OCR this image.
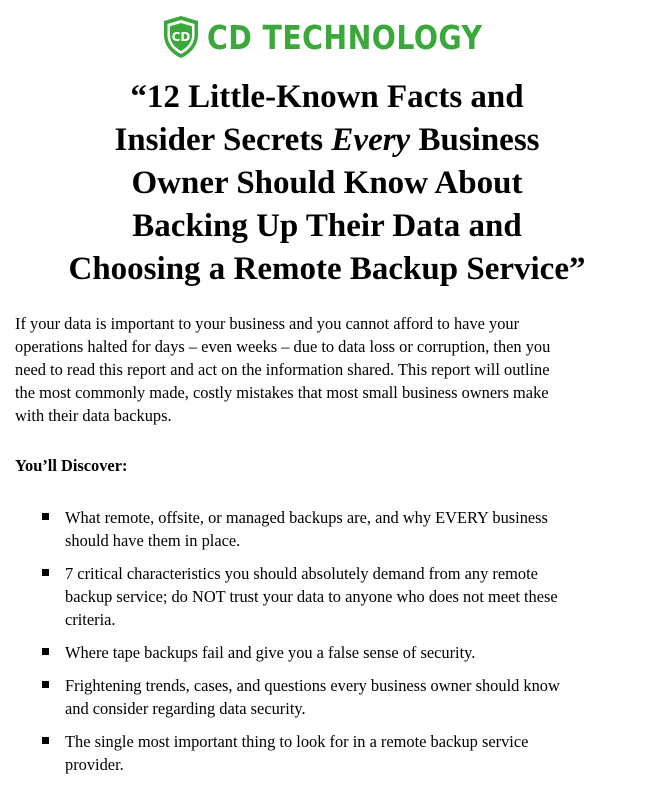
CD CD TECHNOLOGY
“12 Little-Known Facts and
Insider Secrets Every Business
Owner Should Know About
Backing Up Their Data and
Choosing a Remote Backup Service”

If your data is important to your business and you cannot afford to have your
operations halted for days – even weeks – due to data loss or corruption, then you
need to read this report and act on the information shared. This report will outline
the most commonly made, costly mistakes that most small business owners make
with their data backups.

You’ll Discover:
What remote, offsite, or managed backups are, and why EVERY business
should have them in place.
7 critical characteristics you should absolutely demand from any remote
backup service; do NOT trust your data to anyone who does not meet these
criteria.
Where tape backups fail and give you a false sense of security.
Frightening trends, cases, and questions every business owner should know
and consider regarding data security.
The single most important thing to look for in a remote backup service
provider.
